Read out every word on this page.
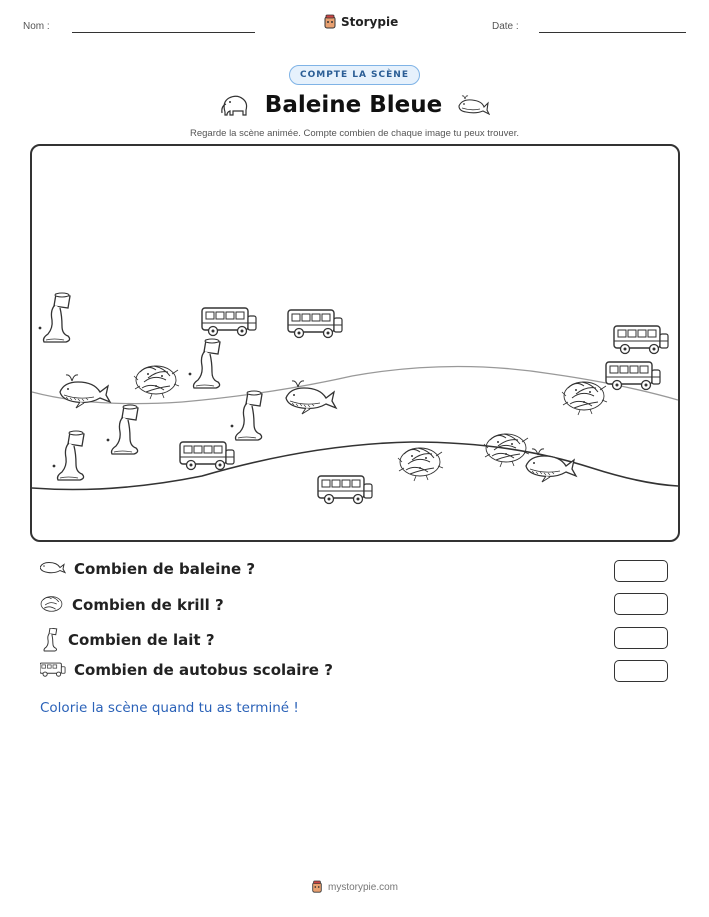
Nom :	Storypie	Date :
COMPTE LA SCÈNE
Baleine Bleue
Regarde la scène animée. Compte combien de chaque image tu peux trouver.
Combien de baleine ?
Combien de krill ?
Combien de lait ?
Combien de autobus scolaire ?
Colorie la scène quand tu as terminé !
mystorypie.com
